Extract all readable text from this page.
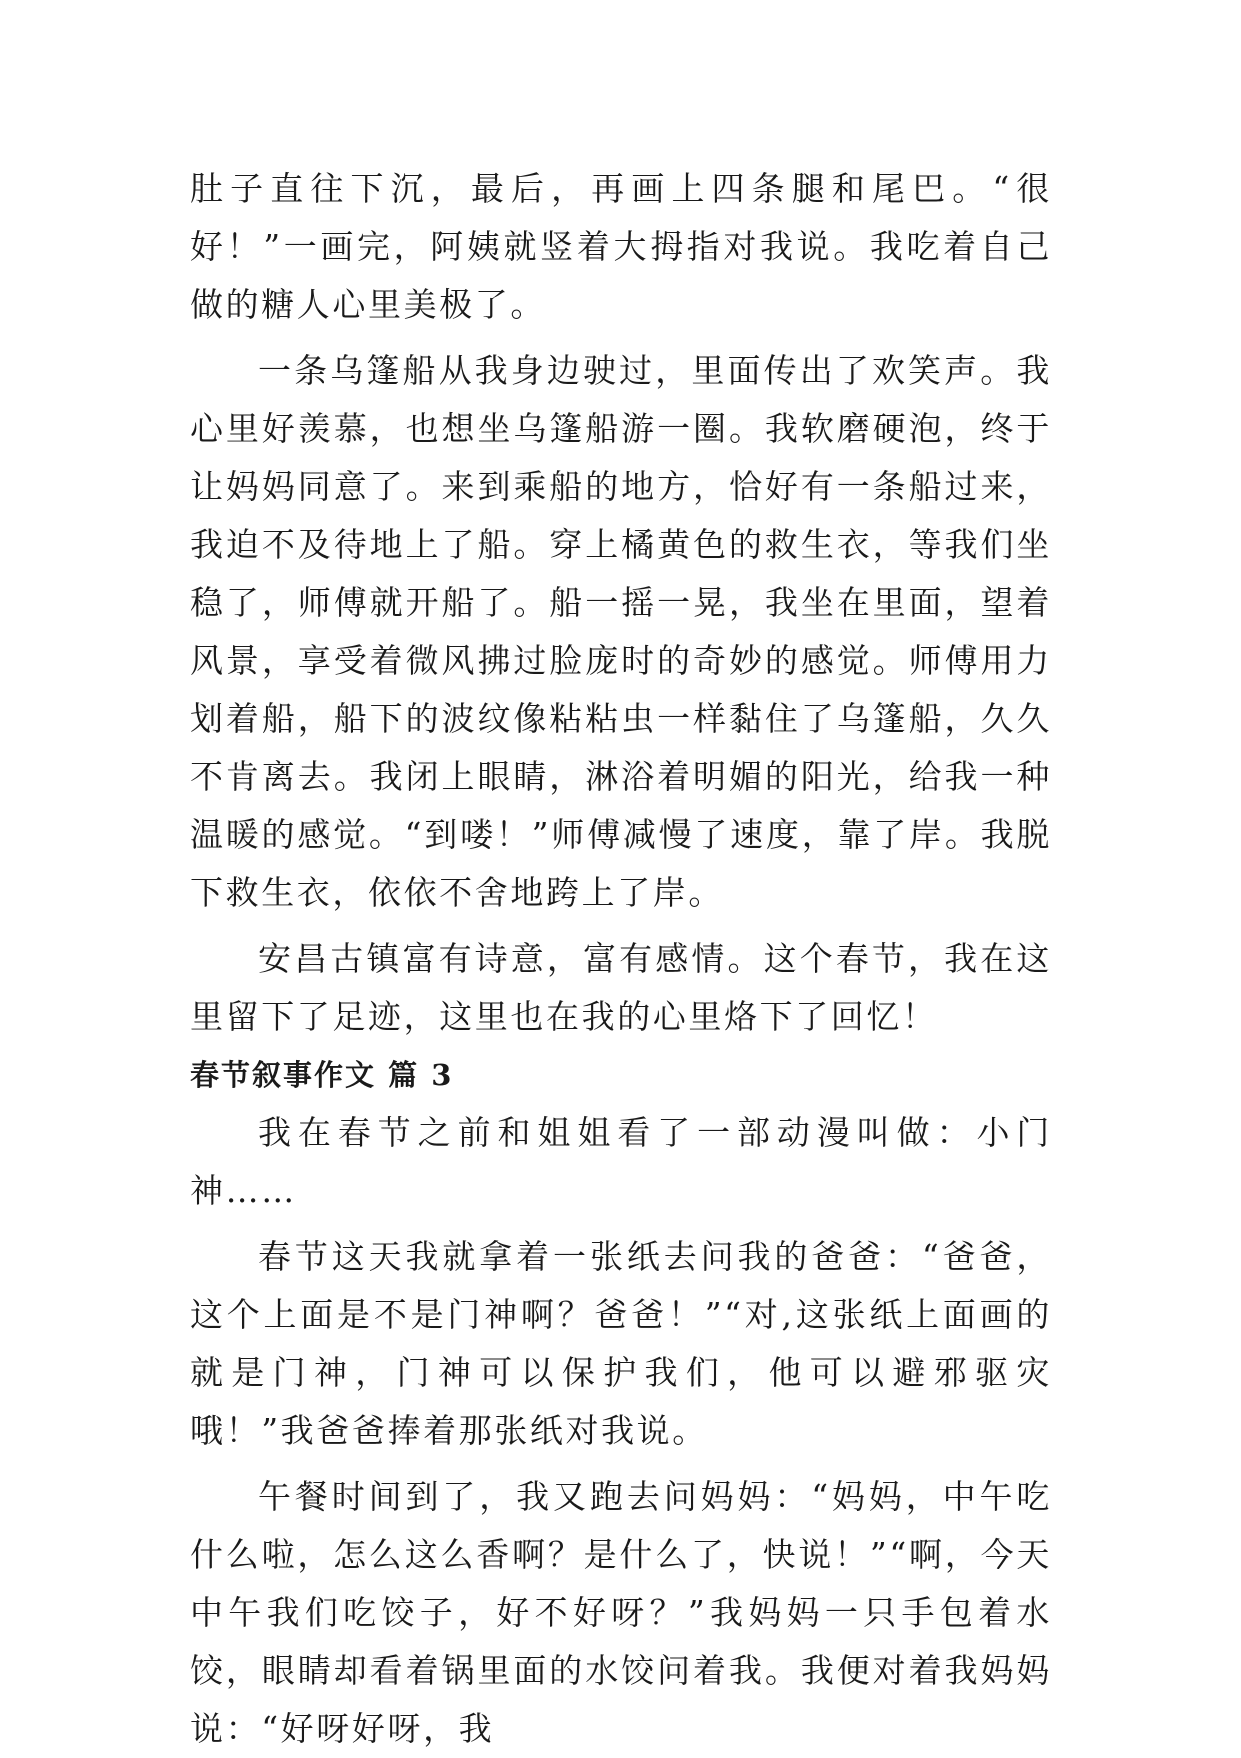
肚子直往下沉，最后，再画上四条腿和尾巴。“很好！”一画完，阿姨就竖着大拇指对我说。我吃着自己做的糖人心里美极了。

一条乌篷船从我身边驶过，里面传出了欢笑声。我心里好羡慕，也想坐乌篷船游一圈。我软磨硬泡，终于让妈妈同意了。来到乘船的地方，恰好有一条船过来，我迫不及待地上了船。穿上橘黄色的救生衣，等我们坐稳了，师傅就开船了。船一摇一晃，我坐在里面，望着风景，享受着微风拂过脸庞时的奇妙的感觉。师傅用力划着船，船下的波纹像粘粘虫一样黏住了乌篷船，久久不肯离去。我闭上眼睛，淋浴着明媚的阳光，给我一种温暖的感觉。“到喽！”师傅减慢了速度，靠了岸。我脱下救生衣，依依不舍地跨上了岸。

安昌古镇富有诗意，富有感情。这个春节，我在这里留下了足迹，这里也在我的心里烙下了回忆！

春节叙事作文 篇 3

我在春节之前和姐姐看了一部动漫叫做：小门神……

春节这天我就拿着一张纸去问我的爸爸：“爸爸，这个上面是不是门神啊？爸爸！”“对,这张纸上面画的就是门神，门神可以保护我们，他可以避邪驱灾哦！”我爸爸捧着那张纸对我说。

午餐时间到了，我又跑去问妈妈：“妈妈，中午吃什么啦，怎么这么香啊？是什么了，快说！”“啊，今天中午我们吃饺子，好不好呀？”我妈妈一只手包着水饺，眼睛却看着锅里面的水饺问着我。我便对着我妈妈说：“好呀好呀，我
